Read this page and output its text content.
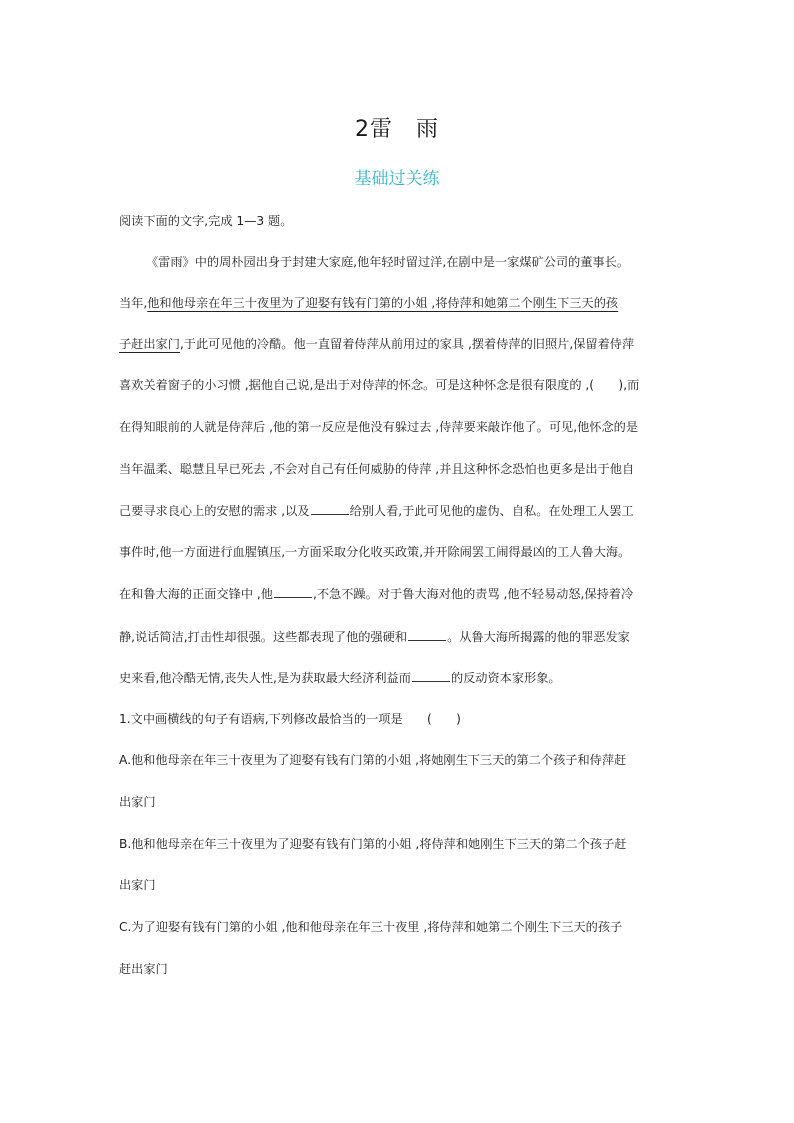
2雷　雨
基础过关练
阅读下面的文字,完成 1—3 题。
《雷雨》中的周朴园出身于封建大家庭,他年轻时留过洋,在剧中是一家煤矿公司的董事长。
当年,他和他母亲在年三十夜里为了迎娶有钱有门第的小姐 ,将侍萍和她第二个刚生下三天的孩
子赶出家门,于此可见他的冷酷。他一直留着侍萍从前用过的家具 ,摆着侍萍的旧照片,保留着侍萍
喜欢关着窗子的小习惯 ,据他自己说,是出于对侍萍的怀念。可是这种怀念是很有限度的 ,(　　),而
在得知眼前的人就是侍萍后 ,他的第一反应是他没有躲过去 ,侍萍要来敲诈他了。可见,他怀念的是
当年温柔、聪慧且早已死去 ,不会对自己有任何威胁的侍萍 ,并且这种怀念恐怕也更多是出于他自
己要寻求良心上的安慰的需求 ,以及	给别人看,于此可见他的虚伪、自私。在处理工人罢工
事件时,他一方面进行血腥镇压,一方面采取分化收买政策,并开除闹罢工闹得最凶的工人鲁大海。
在和鲁大海的正面交锋中 ,他	,不急不躁。对于鲁大海对他的责骂 ,他不轻易动怒,保持着冷
静,说话简洁,打击性却很强。这些都表现了他的强硬和	。从鲁大海所揭露的他的罪恶发家
史来看,他冷酷无情,丧失人性,是为获取最大经济利益而	的反动资本家形象。
1.文中画横线的句子有语病,下列修改最恰当的一项是　　(　　)
A.他和他母亲在年三十夜里为了迎娶有钱有门第的小姐 ,将她刚生下三天的第二个孩子和侍萍赶
出家门
B.他和他母亲在年三十夜里为了迎娶有钱有门第的小姐 ,将侍萍和她刚生下三天的第二个孩子赶
出家门
C.为了迎娶有钱有门第的小姐 ,他和他母亲在年三十夜里 ,将侍萍和她第二个刚生下三天的孩子
赶出家门
